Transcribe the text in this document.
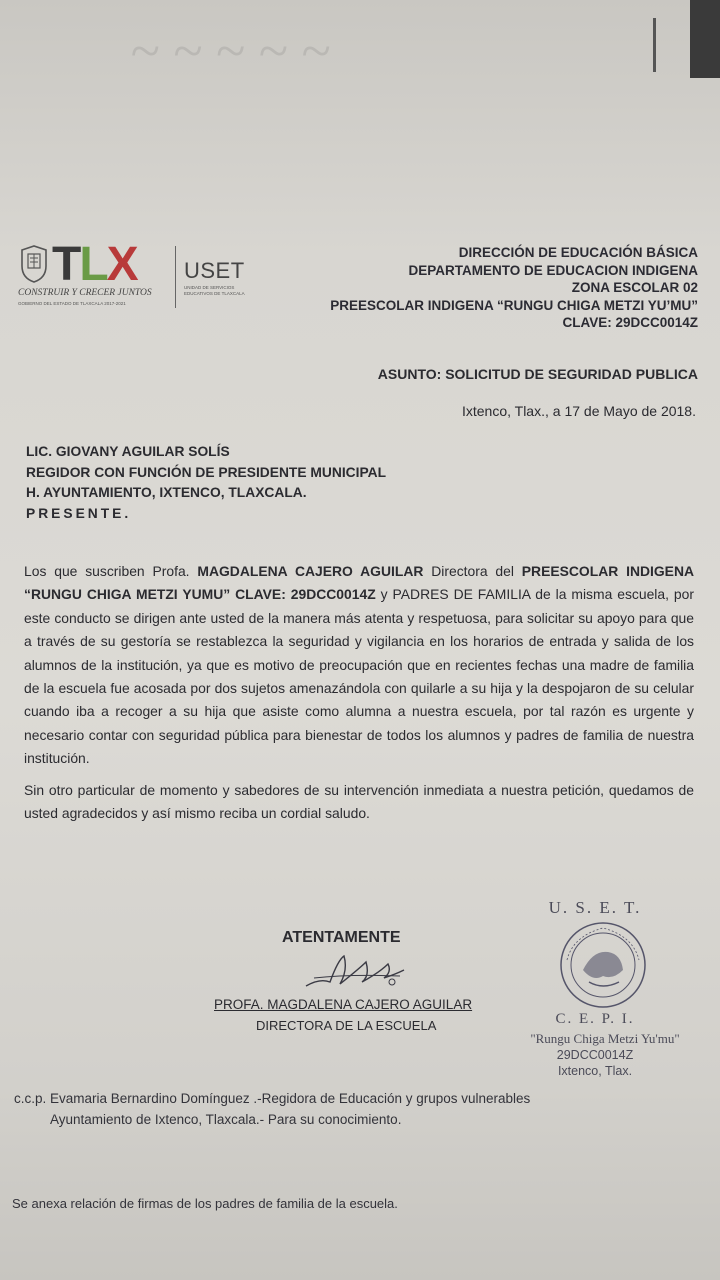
~ ~ ~ ~ ~
TLX
CONSTRUIR Y CRECER JUNTOS
GOBIERNO DEL ESTADO DE TLAXCALA 2017-2021
USET
UNIDAD DE SERVICIOS EDUCATIVOS DE TLAXCALA
DIRECCIÓN DE EDUCACIÓN BÁSICA
DEPARTAMENTO DE EDUCACION INDIGENA
ZONA ESCOLAR 02
PREESCOLAR INDIGENA “RUNGU CHIGA METZI YU’MU”
CLAVE: 29DCC0014Z
ASUNTO: SOLICITUD DE SEGURIDAD PUBLICA
Ixtenco, Tlax., a 17 de Mayo de 2018.
LIC. GIOVANY AGUILAR SOLÍS
REGIDOR CON FUNCIÓN DE PRESIDENTE MUNICIPAL
H. AYUNTAMIENTO, IXTENCO, TLAXCALA.
PRESENTE.

Los que suscriben Profa. MAGDALENA CAJERO AGUILAR Directora del PREESCOLAR INDIGENA “RUNGU CHIGA METZI YUMU” CLAVE: 29DCC0014Z y PADRES DE FAMILIA de la misma escuela, por este conducto se dirigen ante usted de la manera más atenta y respetuosa, para solicitar su apoyo para que a través de su gestoría se restablezca la seguridad y vigilancia en los horarios de entrada y salida de los alumnos de la institución, ya que es motivo de preocupación que en recientes fechas una madre de familia de la escuela fue acosada por dos sujetos amenazándola con quilarle a su hija y la despojaron de su celular cuando iba a recoger a su hija que asiste como alumna a nuestra escuela, por tal razón es urgente y necesario contar con seguridad pública para bienestar de todos los alumnos y padres de familia de nuestra institución.

Sin otro particular de momento y sabedores de su intervención inmediata a nuestra petición, quedamos de usted agradecidos y así mismo reciba un cordial saludo.

ATENTAMENTE
PROFA. MAGDALENA CAJERO AGUILAR
DIRECTORA DE LA ESCUELA
U. S. E. T.
C. E. P. I.
"Rungu Chiga Metzi Yu'mu"
29DCC0014Z
Ixtenco, Tlax.
c.c.p. Evamaria Bernardino Domínguez .-Regidora de Educación y grupos vulnerables
Ayuntamiento de Ixtenco, Tlaxcala.- Para su conocimiento.
Se anexa relación de firmas de los padres de familia de la escuela.
